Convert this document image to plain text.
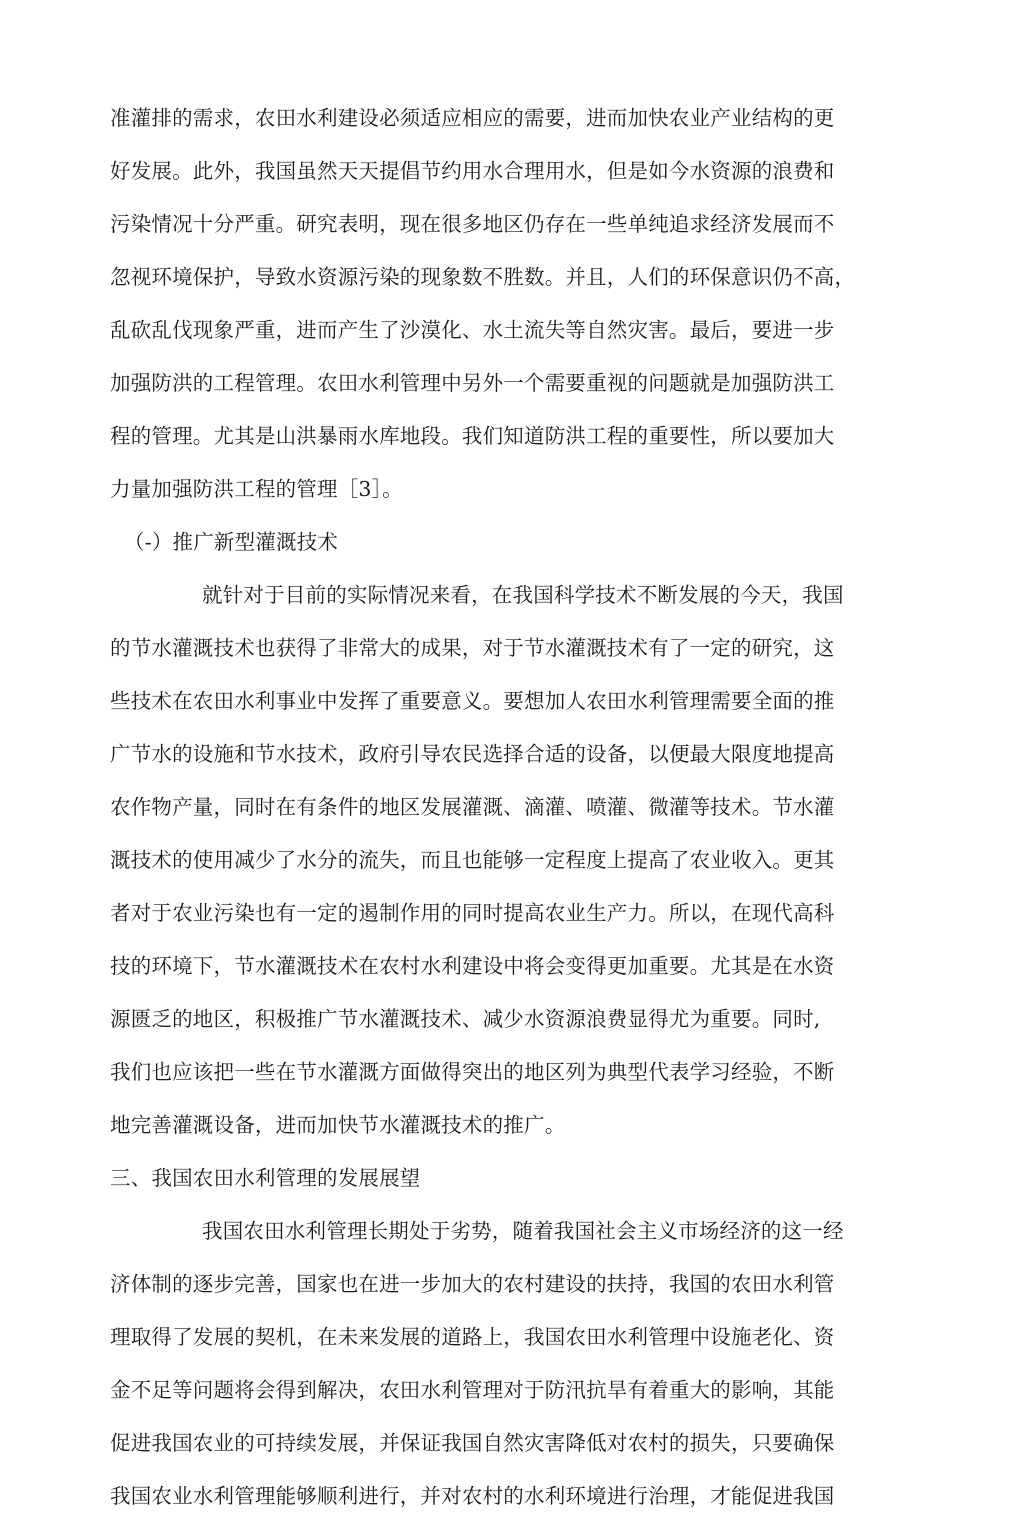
准灌排的需求，农田水利建设必须适应相应的需要，进而加快农业产业结构的更
好发展。此外，我国虽然天天提倡节约用水合理用水，但是如今水资源的浪费和
污染情况十分严重。研究表明，现在很多地区仍存在一些单纯追求经济发展而不
忽视环境保护，导致水资源污染的现象数不胜数。并且，人们的环保意识仍不高，
乱砍乱伐现象严重，进而产生了沙漠化、水土流失等自然灾害。最后，要进一步
加强防洪的工程管理。农田水利管理中另外一个需要重视的问题就是加强防洪工
程的管理。尤其是山洪暴雨水库地段。我们知道防洪工程的重要性，所以要加大
力量加强防洪工程的管理［3］。
（-）推广新型灌溉技术
就针对于目前的实际情况来看，在我国科学技术不断发展的今天，我国
的节水灌溉技术也获得了非常大的成果，对于节水灌溉技术有了一定的研究，这
些技术在农田水利事业中发挥了重要意义。要想加人农田水利管理需要全面的推
广节水的设施和节水技术，政府引导农民选择合适的设备，以便最大限度地提高
农作物产量，同时在有条件的地区发展灌溉、滴灌、喷灌、微灌等技术。节水灌
溉技术的使用减少了水分的流失，而且也能够一定程度上提高了农业收入。更其
者对于农业污染也有一定的遏制作用的同时提高农业生产力。所以，在现代高科
技的环境下，节水灌溉技术在农村水利建设中将会变得更加重要。尤其是在水资
源匮乏的地区，积极推广节水灌溉技术、减少水资源浪费显得尤为重要。同时,
我们也应该把一些在节水灌溉方面做得突出的地区列为典型代表学习经验，不断
地完善灌溉设备，进而加快节水灌溉技术的推广。
三、我国农田水利管理的发展展望
我国农田水利管理长期处于劣势，随着我国社会主义市场经济的这一经
济体制的逐步完善，国家也在进一步加大的农村建设的扶持，我国的农田水利管
理取得了发展的契机，在未来发展的道路上，我国农田水利管理中设施老化、资
金不足等问题将会得到解决，农田水利管理对于防汛抗旱有着重大的影响，其能
促进我国农业的可持续发展，并保证我国自然灾害降低对农村的损失，只要确保
我国农业水利管理能够顺利进行，并对农村的水利环境进行治理，才能促进我国
